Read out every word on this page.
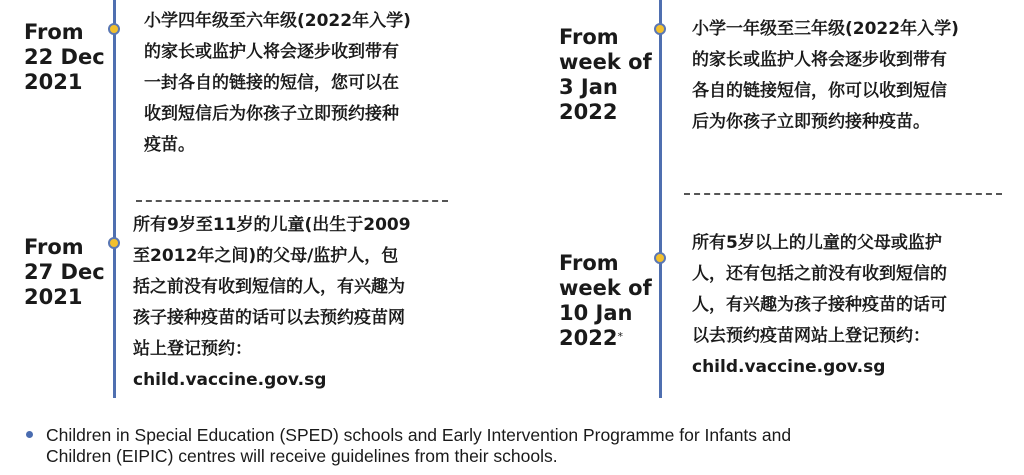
From
22 Dec
2021
小学四年级至六年级(2022年入学)
的家长或监护人将会逐步收到带有
一封各自的链接的短信，您可以在
收到短信后为你孩子立即预约接种
疫苗。
From
27 Dec
2021
所有9岁至11岁的儿童(出生于2009
至2012年之间)的父母/监护人，包
括之前没有收到短信的人，有兴趣为
孩子接种疫苗的话可以去预约疫苗网
站上登记预约：
child.vaccine.gov.sg
From
week of
3 Jan
2022
小学一年级至三年级(2022年入学)
的家长或监护人将会逐步收到带有
各自的链接短信，你可以收到短信
后为你孩子立即预约接种疫苗。
From
week of
10 Jan
2022*
所有5岁以上的儿童的父母或监护
人，还有包括之前没有收到短信的
人，有兴趣为孩子接种疫苗的话可
以去预约疫苗网站上登记预约：
child.vaccine.gov.sg
Children in Special Education (SPED) schools and Early Intervention Programme for Infants and
Children (EIPIC) centres will receive guidelines from their schools.
